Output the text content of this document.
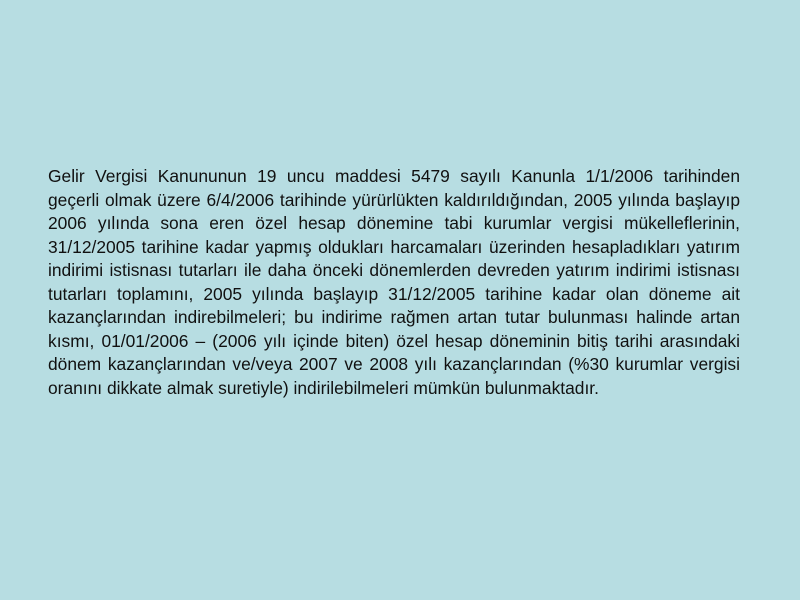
Gelir Vergisi Kanununun 19 uncu maddesi 5479 sayılı Kanunla 1/1/2006 tarihinden geçerli olmak üzere 6/4/2006 tarihinde yürürlükten kaldırıldığından, 2005 yılında başlayıp 2006 yılında sona eren özel hesap dönemine tabi kurumlar vergisi mükelleflerinin, 31/12/2005 tarihine kadar yapmış oldukları harcamaları üzerinden hesapladıkları yatırım indirimi istisnası tutarları ile daha önceki dönemlerden devreden yatırım indirimi istisnası tutarları toplamını, 2005 yılında başlayıp 31/12/2005 tarihine kadar olan döneme ait kazançlarından indirebilmeleri; bu indirime rağmen artan tutar bulunması halinde artan kısmı, 01/01/2006 – (2006 yılı içinde biten) özel hesap döneminin bitiş tarihi arasındaki dönem kazançlarından ve/veya 2007 ve 2008 yılı kazançlarından (%30 kurumlar vergisi oranını dikkate almak suretiyle) indirilebilmeleri mümkün bulunmaktadır.
